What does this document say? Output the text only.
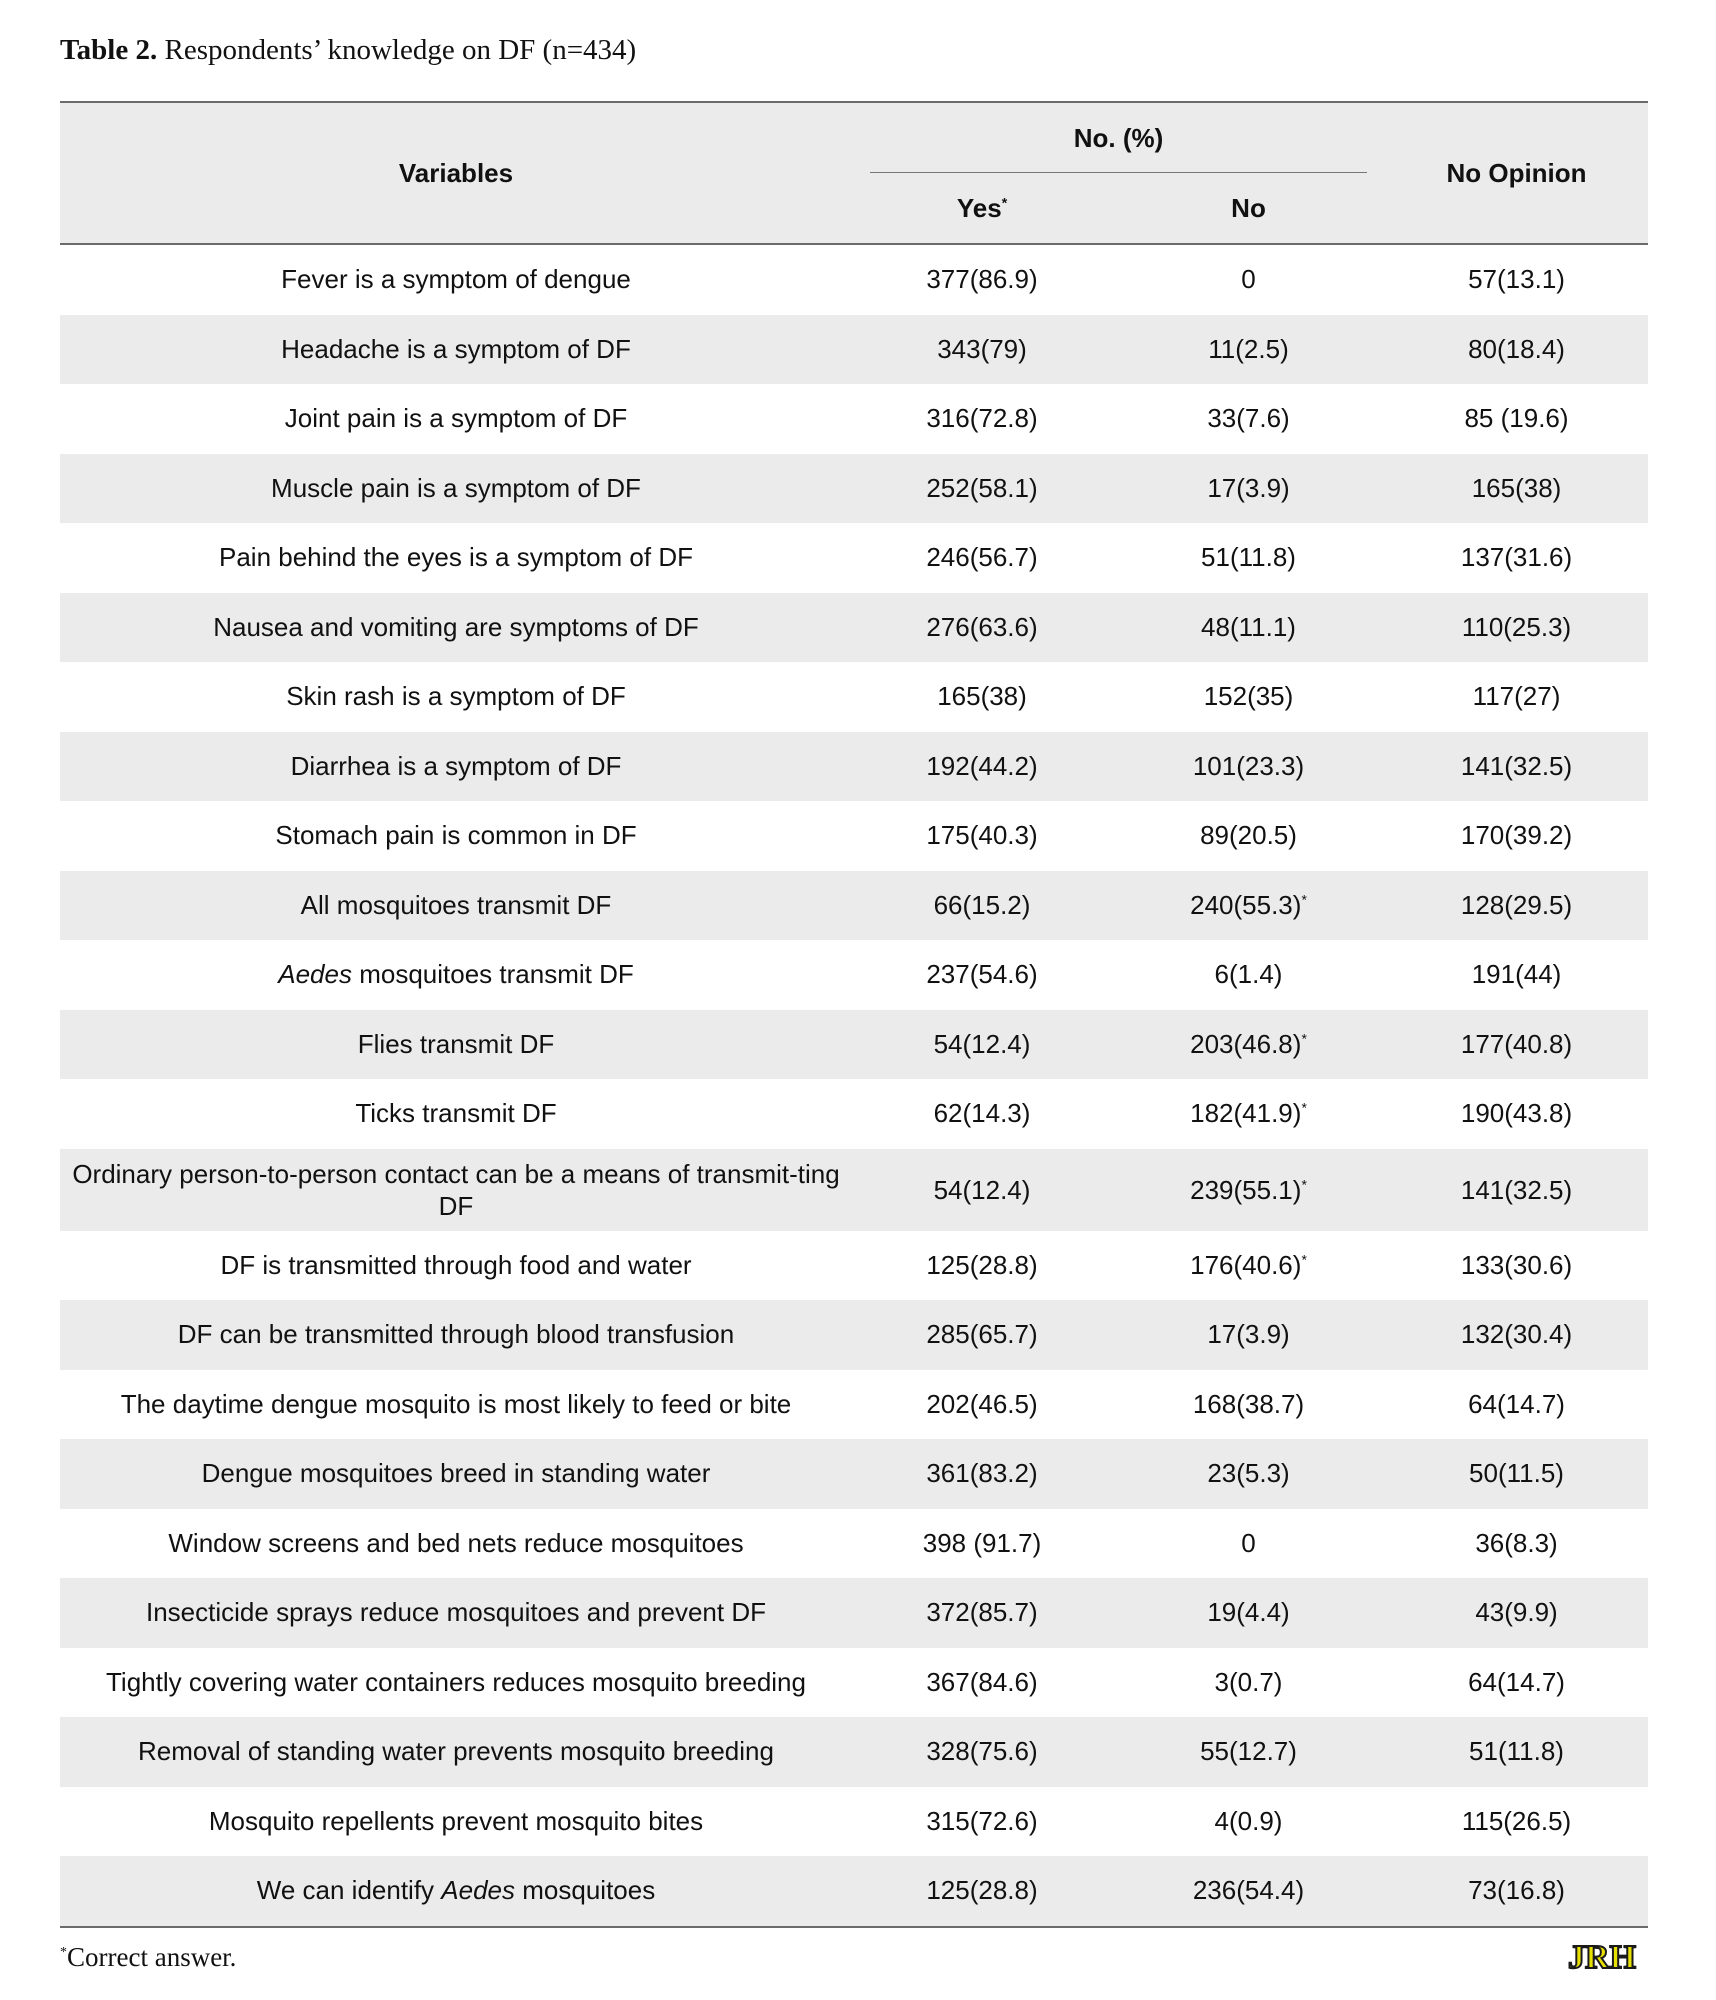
Table 2. Respondents’ knowledge on DF (n=434)
Variables	No. (%)		No Opinion
	Yes*	No	
Fever is a symptom of dengue	377(86.9)	0	57(13.1)
Headache is a symptom of DF	343(79)	11(2.5)	80(18.4)
Joint pain is a symptom of DF	316(72.8)	33(7.6)	85 (19.6)
Muscle pain is a symptom of DF	252(58.1)	17(3.9)	165(38)
Pain behind the eyes is a symptom of DF	246(56.7)	51(11.8)	137(31.6)
Nausea and vomiting are symptoms of DF	276(63.6)	48(11.1)	110(25.3)
Skin rash is a symptom of DF	165(38)	152(35)	117(27)
Diarrhea is a symptom of DF	192(44.2)	101(23.3)	141(32.5)
Stomach pain is common in DF	175(40.3)	89(20.5)	170(39.2)
All mosquitoes transmit DF	66(15.2)	240(55.3)*	128(29.5)
Aedes mosquitoes transmit DF	237(54.6)	6(1.4)	191(44)
Flies transmit DF	54(12.4)	203(46.8)*	177(40.8)
Ticks transmit DF	62(14.3)	182(41.9)*	190(43.8)
Ordinary person-to-person contact can be a means of transmit-ting DF	54(12.4)	239(55.1)*	141(32.5)
DF is transmitted through food and water	125(28.8)	176(40.6)*	133(30.6)
DF can be transmitted through blood transfusion	285(65.7)	17(3.9)	132(30.4)
The daytime dengue mosquito is most likely to feed or bite	202(46.5)	168(38.7)	64(14.7)
Dengue mosquitoes breed in standing water	361(83.2)	23(5.3)	50(11.5)
Window screens and bed nets reduce mosquitoes	398 (91.7)	0	36(8.3)
Insecticide sprays reduce mosquitoes and prevent DF	372(85.7)	19(4.4)	43(9.9)
Tightly covering water containers reduces mosquito breeding	367(84.6)	3(0.7)	64(14.7)
Removal of standing water prevents mosquito breeding	328(75.6)	55(12.7)	51(11.8)
Mosquito repellents prevent mosquito bites	315(72.6)	4(0.9)	115(26.5)
We can identify Aedes mosquitoes	125(28.8)	236(54.4)	73(16.8)
*Correct answer.	JRH
